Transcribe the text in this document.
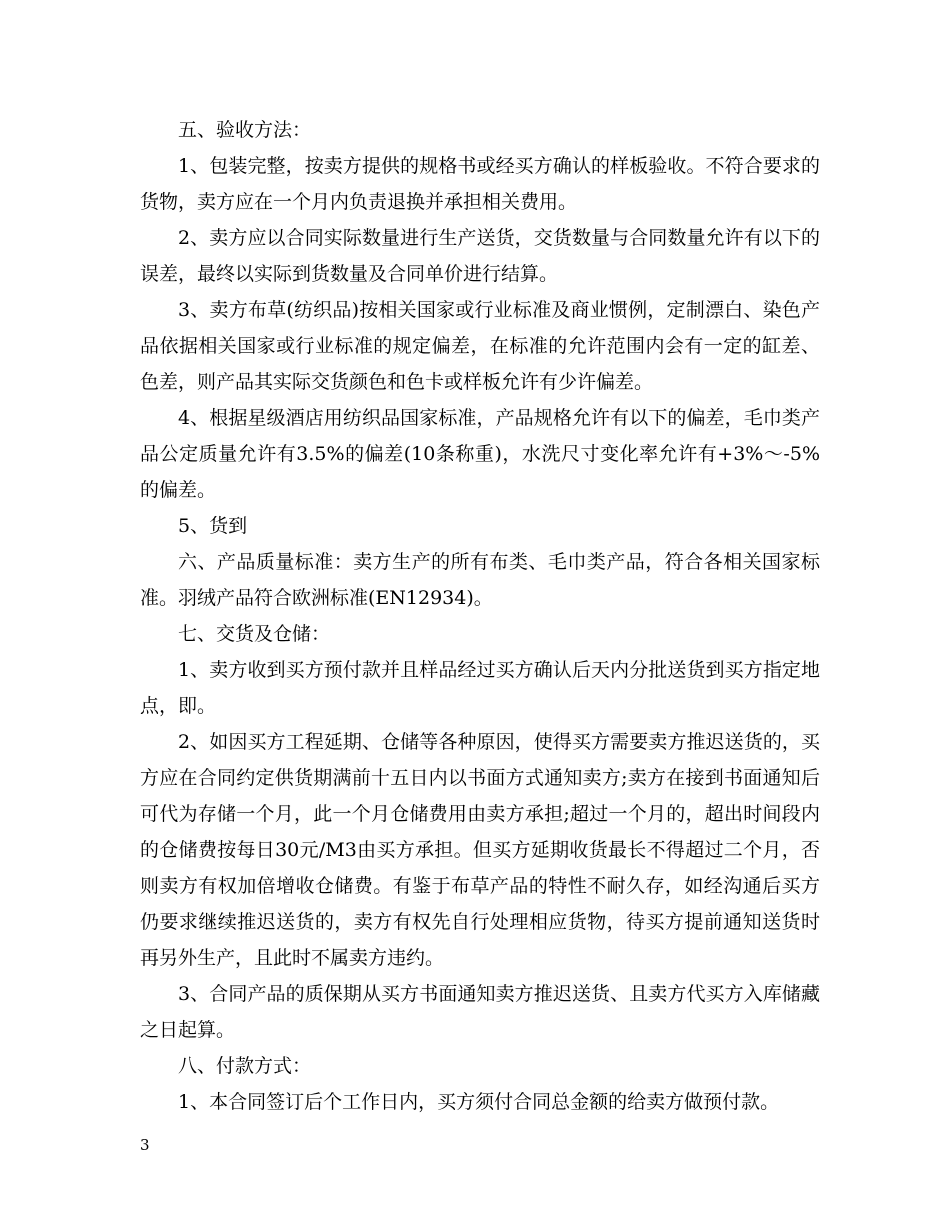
五、验收方法：

1、包装完整，按卖方提供的规格书或经买方确认的样板验收。不符合要求的货物，卖方应在一个月内负责退换并承担相关费用。

2、卖方应以合同实际数量进行生产送货，交货数量与合同数量允许有以下的误差，最终以实际到货数量及合同单价进行结算。

3、卖方布草(纺织品)按相关国家或行业标准及商业惯例，定制漂白、染色产品依据相关国家或行业标准的规定偏差，在标准的允许范围内会有一定的缸差、色差，则产品其实际交货颜色和色卡或样板允许有少许偏差。

4、根据星级酒店用纺织品国家标准，产品规格允许有以下的偏差，毛巾类产品公定质量允许有3.5%的偏差(10条称重)，水洗尺寸变化率允许有+3%～-5%的偏差。

5、货到

六、产品质量标准：卖方生产的所有布类、毛巾类产品，符合各相关国家标准。羽绒产品符合欧洲标准(EN12934)。

七、交货及仓储：

1、卖方收到买方预付款并且样品经过买方确认后天内分批送货到买方指定地点，即。

2、如因买方工程延期、仓储等各种原因，使得买方需要卖方推迟送货的，买方应在合同约定供货期满前十五日内以书面方式通知卖方;卖方在接到书面通知后可代为存储一个月，此一个月仓储费用由卖方承担;超过一个月的，超出时间段内的仓储费按每日30元/M3由买方承担。但买方延期收货最长不得超过二个月，否则卖方有权加倍增收仓储费。有鉴于布草产品的特性不耐久存，如经沟通后买方仍要求继续推迟送货的，卖方有权先自行处理相应货物，待买方提前通知送货时再另外生产，且此时不属卖方违约。

3、合同产品的质保期从买方书面通知卖方推迟送货、且卖方代买方入库储藏之日起算。

八、付款方式：

1、本合同签订后个工作日内，买方须付合同总金额的给卖方做预付款。

3
